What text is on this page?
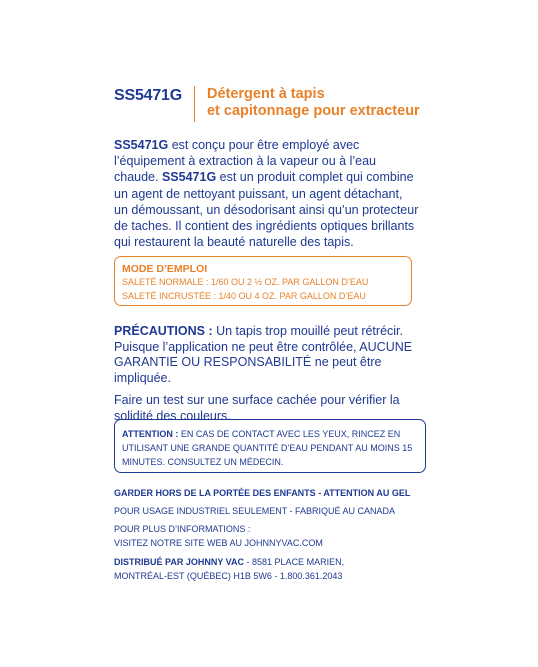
SS5471G Détergent à tapis
et capitonnage pour extracteur
SS5471G est conçu pour être employé avec l’équipement à extraction à la vapeur ou à l’eau chaude. SS5471G est un produit complet qui combine un agent de nettoyant puissant, un agent détachant, un démoussant, un désodorisant ainsi qu’un protecteur de taches. Il contient des ingrédients optiques brillants qui restaurent la beauté naturelle des tapis.
MODE D’EMPLOI
SALETÉ NORMALE : 1/60 OU 2 ½ OZ. PAR GALLON D’EAU
SALETÉ INCRUSTÉE : 1/40 OU 4 OZ. PAR GALLON D’EAU

PRÉCAUTIONS : Un tapis trop mouillé peut rétrécir. Puisque l’application ne peut être contrôlée, AUCUNE GARANTIE OU RESPONSABILITÉ ne peut être impliquée.

Faire un test sur une surface cachée pour vérifier la solidité des couleurs.

ATTENTION : EN CAS DE CONTACT AVEC LES YEUX, RINCEZ EN UTILISANT UNE GRANDE QUANTITÉ D’EAU PENDANT AU MOINS 15 MINUTES. CONSULTEZ UN MÉDECIN.
GARDER HORS DE LA PORTÉE DES ENFANTS - ATTENTION AU GEL
POUR USAGE INDUSTRIEL SEULEMENT - FABRIQUÉ AU CANADA
POUR PLUS D’INFORMATIONS :
VISITEZ NOTRE SITE WEB AU JOHNNYVAC.COM
DISTRIBUÉ PAR JOHNNY VAC - 8581 PLACE MARIEN,
MONTRÉAL-EST (QUÉBEC) H1B 5W6 - 1.800.361.2043
